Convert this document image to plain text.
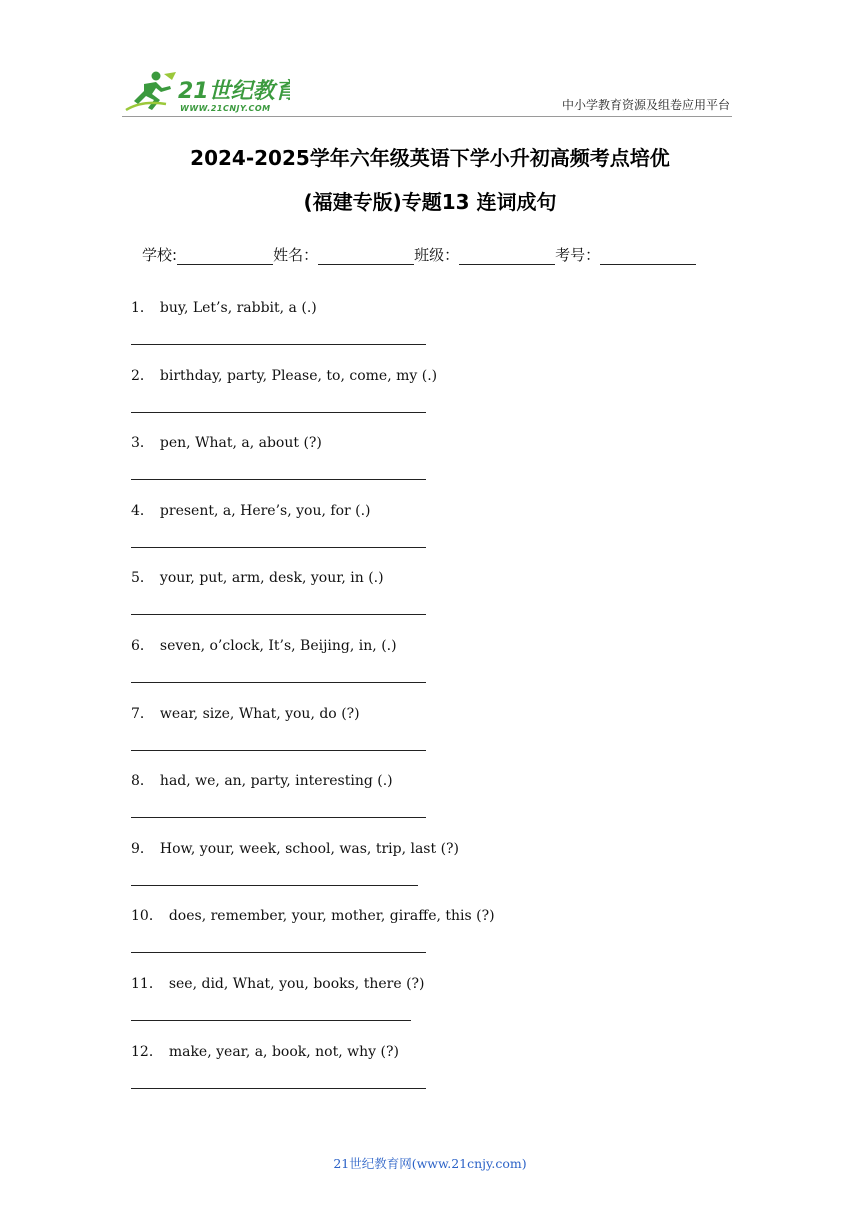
21世纪教育
WWW.21CNJY.COM	中小学教育资源及组卷应用平台
2024-2025学年六年级英语下学小升初高频考点培优
(福建专版)专题13 连词成句
学校:	姓名：	班级：	考号：
1． buy, Let’s, rabbit, a (.)
2． birthday, party, Please, to, come, my (.)
3． pen, What, a, about (?)
4． present, a, Here’s, you, for (.)
5． your, put, arm, desk, your, in (.)
6． seven, o’clock, It’s, Beijing, in, (.)
7． wear, size, What, you, do (?)
8． had, we, an, party, interesting (.)
9． How, your, week, school, was, trip, last (?)
10． does, remember, your, mother, giraffe, this (?)
11． see, did, What, you, books, there (?)
12． make, year, a, book, not, why (?)
21世纪教育网(www.21cnjy.com)
